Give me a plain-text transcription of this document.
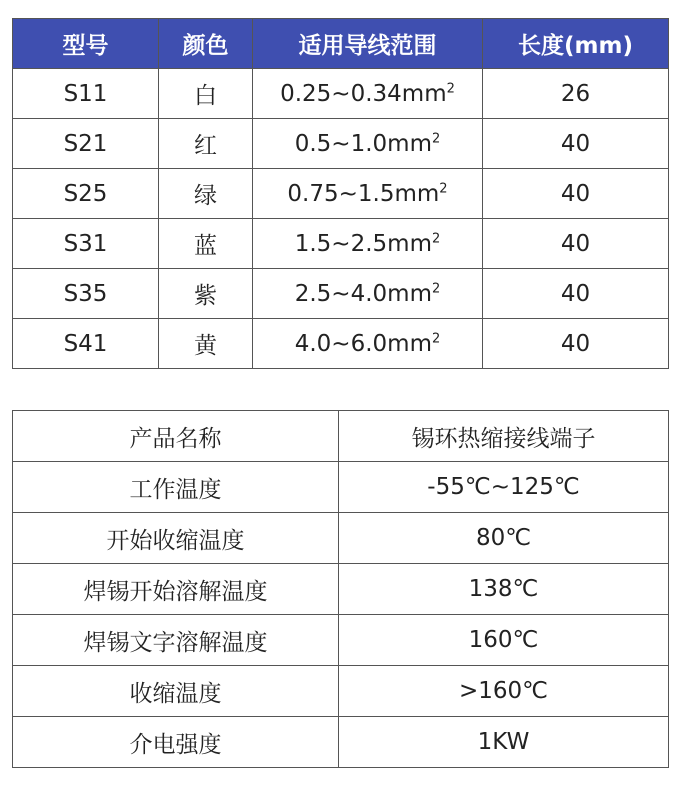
型号	颜色	适用导线范围	长度(mm)
S11	白	$0.25\sim 0.34mm^2$	26
S21	红	$0.5\sim 1.0mm^2$	40
S25	绿	$0.75\sim 1.5mm^2$	40
S31	蓝	$1.5\sim 2.5mm^2$	40
S35	紫	$2.5\sim 4.0mm^2$	40
S41	黄	$4.0\sim 6.0mm^2$	40
产品名称	锡环热缩接线端子
工作温度	-55℃~125℃
开始收缩温度	80℃
焊锡开始溶解温度	138℃
焊锡文字溶解温度	160℃
收缩温度	>160℃
介电强度	1KW
